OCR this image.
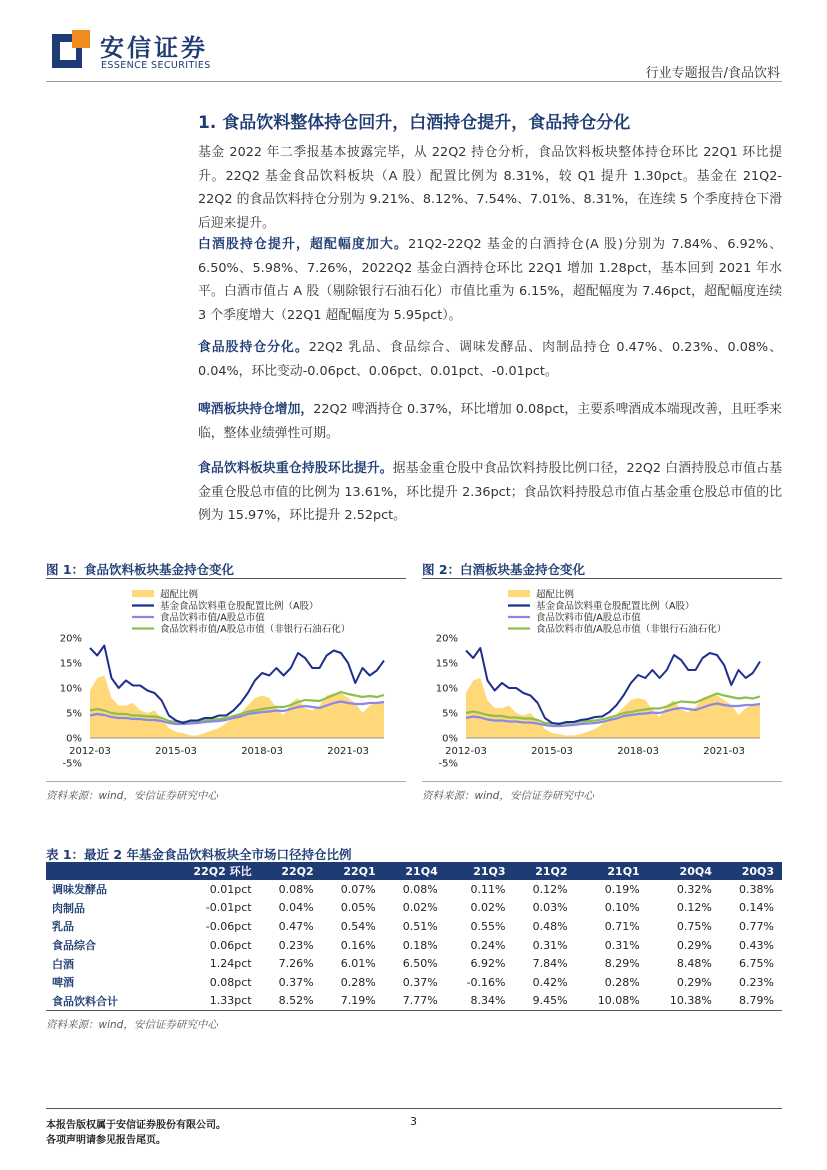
安信证券
ESSENCE SECURITIES
行业专题报告/食品饮料
1. 食品饮料整体持仓回升，白酒持仓提升，食品持仓分化
基金 2022 年二季报基本披露完毕，从 22Q2 持仓分析，食品饮料板块整体持仓环比 22Q1 环比提升。22Q2 基金食品饮料板块（A 股）配置比例为 8.31%，较 Q1 提升 1.30pct。基金在 21Q2-22Q2 的食品饮料持仓分别为 9.21%、8.12%、7.54%、7.01%、8.31%，在连续 5 个季度持仓下滑后迎来提升。
白酒股持仓提升，超配幅度加大。21Q2-22Q2 基金的白酒持仓(A 股)分别为 7.84%、6.92%、6.50%、5.98%、7.26%，2022Q2 基金白酒持仓环比 22Q1 增加 1.28pct，基本回到 2021 年水平。白酒市值占 A 股（剔除银行石油石化）市值比重为 6.15%，超配幅度为 7.46pct，超配幅度连续 3 个季度增大（22Q1 超配幅度为 5.95pct）。
食品股持仓分化。22Q2 乳品、食品综合、调味发酵品、肉制品持仓 0.47%、0.23%、0.08%、0.04%，环比变动-0.06pct、0.06pct、0.01pct、-0.01pct。
啤酒板块持仓增加，22Q2 啤酒持仓 0.37%，环比增加 0.08pct，主要系啤酒成本端现改善，且旺季来临，整体业绩弹性可期。
食品饮料板块重仓持股环比提升。据基金重仓股中食品饮料持股比例口径，22Q2 白酒持股总市值占基金重仓股总市值的比例为 13.61%，环比提升 2.36pct；食品饮料持股总市值占基金重仓股总市值的比例为 15.97%，环比提升 2.52pct。
图 1：食品饮料板块基金持仓变化
超配比例
基金食品饮料重仓股配置比例（A股）
食品饮料市值/A股总市值
食品饮料市值/A股总市值（非银行石油石化）
20%
15%
10%
5%
0%
-5%
2012-03	2015-03	2018-03	2021-03
资料来源：wind，安信证券研究中心
图 2：白酒板块基金持仓变化
超配比例
基金食品饮料重仓股配置比例（A股）
食品饮料市值/A股总市值
食品饮料市值/A股总市值（非银行石油石化）
20%
15%
10%
5%
0%
-5%
2012-03	2015-03	2018-03	2021-03
资料来源：wind，安信证券研究中心
表 1：最近 2 年基金食品饮料板块全市场口径持仓比例
	22Q2 环比	22Q2	22Q1	21Q4	21Q3	21Q2	21Q1	20Q4	20Q3
调味发酵品	0.01pct	0.08%	0.07%	0.08%	0.11%	0.12%	0.19%	0.32%	0.38%
肉制品	-0.01pct	0.04%	0.05%	0.02%	0.02%	0.03%	0.10%	0.12%	0.14%
乳品	-0.06pct	0.47%	0.54%	0.51%	0.55%	0.48%	0.71%	0.75%	0.77%
食品综合	0.06pct	0.23%	0.16%	0.18%	0.24%	0.31%	0.31%	0.29%	0.43%
白酒	1.24pct	7.26%	6.01%	6.50%	6.92%	7.84%	8.29%	8.48%	6.75%
啤酒	0.08pct	0.37%	0.28%	0.37%	-0.16%	0.42%	0.28%	0.29%	0.23%
食品饮料合计	1.33pct	8.52%	7.19%	7.77%	8.34%	9.45%	10.08%	10.38%	8.79%
资料来源：wind，安信证券研究中心
本报告版权属于安信证券股份有限公司。
各项声明请参见报告尾页。
3
